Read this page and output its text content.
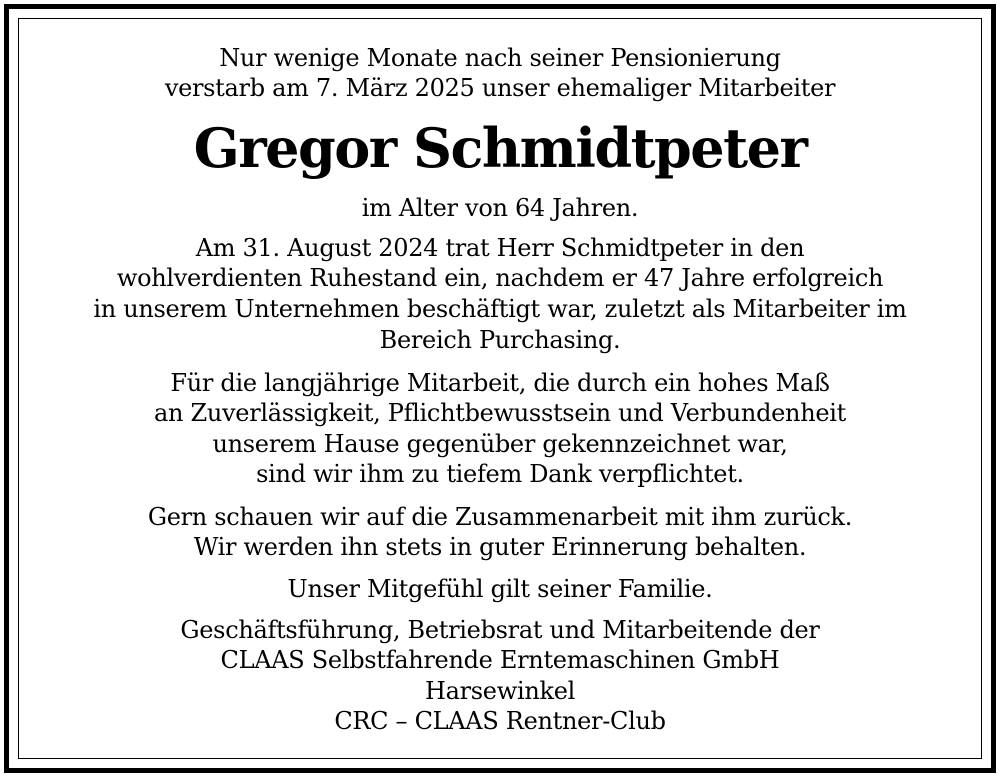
Nur wenige Monate nach seiner Pensionierung
verstarb am 7. März 2025 unser ehemaliger Mitarbeiter
Gregor Schmidtpeter
im Alter von 64 Jahren.
Am 31. August 2024 trat Herr Schmidtpeter in den
wohlverdienten Ruhestand ein, nachdem er 47 Jahre erfolgreich
in unserem Unternehmen beschäftigt war, zuletzt als Mitarbeiter im
Bereich Purchasing.
Für die langjährige Mitarbeit, die durch ein hohes Maß
an Zuverlässigkeit, Pflichtbewusstsein und Verbundenheit
unserem Hause gegenüber gekennzeichnet war,
sind wir ihm zu tiefem Dank verpflichtet.
Gern schauen wir auf die Zusammenarbeit mit ihm zurück.
Wir werden ihn stets in guter Erinnerung behalten.
Unser Mitgefühl gilt seiner Familie.
Geschäftsführung, Betriebsrat und Mitarbeitende der
CLAAS Selbstfahrende Erntemaschinen GmbH
Harsewinkel
CRC – CLAAS Rentner-Club
